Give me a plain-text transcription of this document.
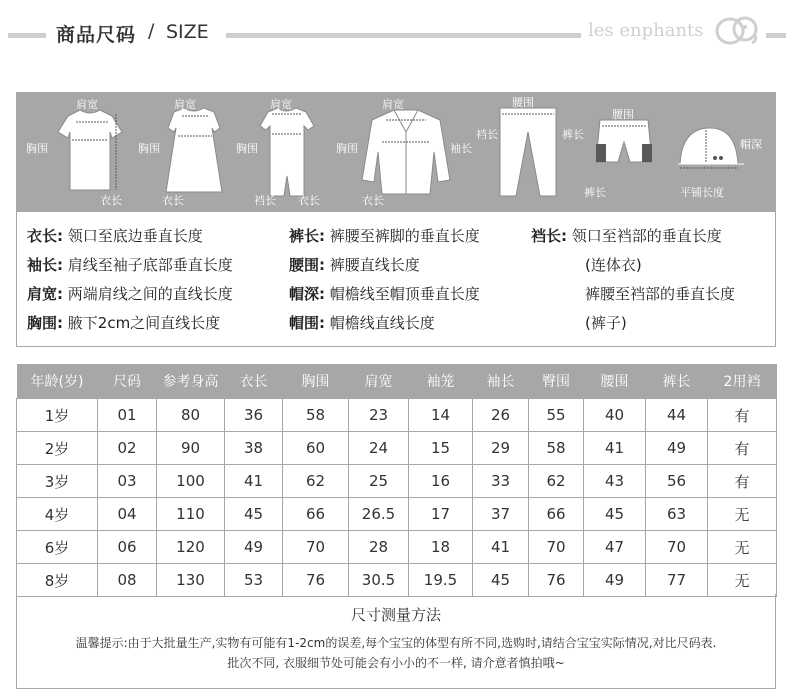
商品尺码 / SIZE	les enphants
肩宽
胸围
衣长
肩宽
胸围
衣长
肩宽
胸围
裆长 衣长
肩宽
胸围	袖长
衣长
腰围
裆长	裤长
腰围
裤长
帽深
平铺长度
衣长: 领口至底边垂直长度
袖长: 肩线至袖子底部垂直长度
肩宽: 两端肩线之间的直线长度
胸围: 腋下2cm之间直线长度
裤长: 裤腰至裤脚的垂直长度
腰围: 裤腰直线长度
帽深: 帽檐线至帽顶垂直长度
帽围: 帽檐线直线长度
裆长: 领口至裆部的垂直长度
(连体衣)
裤腰至裆部的垂直长度
(裤子)
年龄(岁)	尺码	参考身高	衣长	胸围	肩宽	袖笼	袖长	臀围	腰围	裤长	2用裆
1岁	01	80	36	58	23	14	26	55	40	44	有
2岁	02	90	38	60	24	15	29	58	41	49	有
3岁	03	100	41	62	25	16	33	62	43	56	有
4岁	04	110	45	66	26.5	17	37	66	45	63	无
6岁	06	120	49	70	28	18	41	70	47	70	无
8岁	08	130	53	76	30.5	19.5	45	76	49	77	无
尺寸测量方法
温馨提示:由于大批量生产,实物有可能有1-2cm的误差,每个宝宝的体型有所不同,选购时,请结合宝宝实际情况,对比尺码表.
批次不同, 衣服细节处可能会有小小的不一样, 请介意者慎拍哦~
